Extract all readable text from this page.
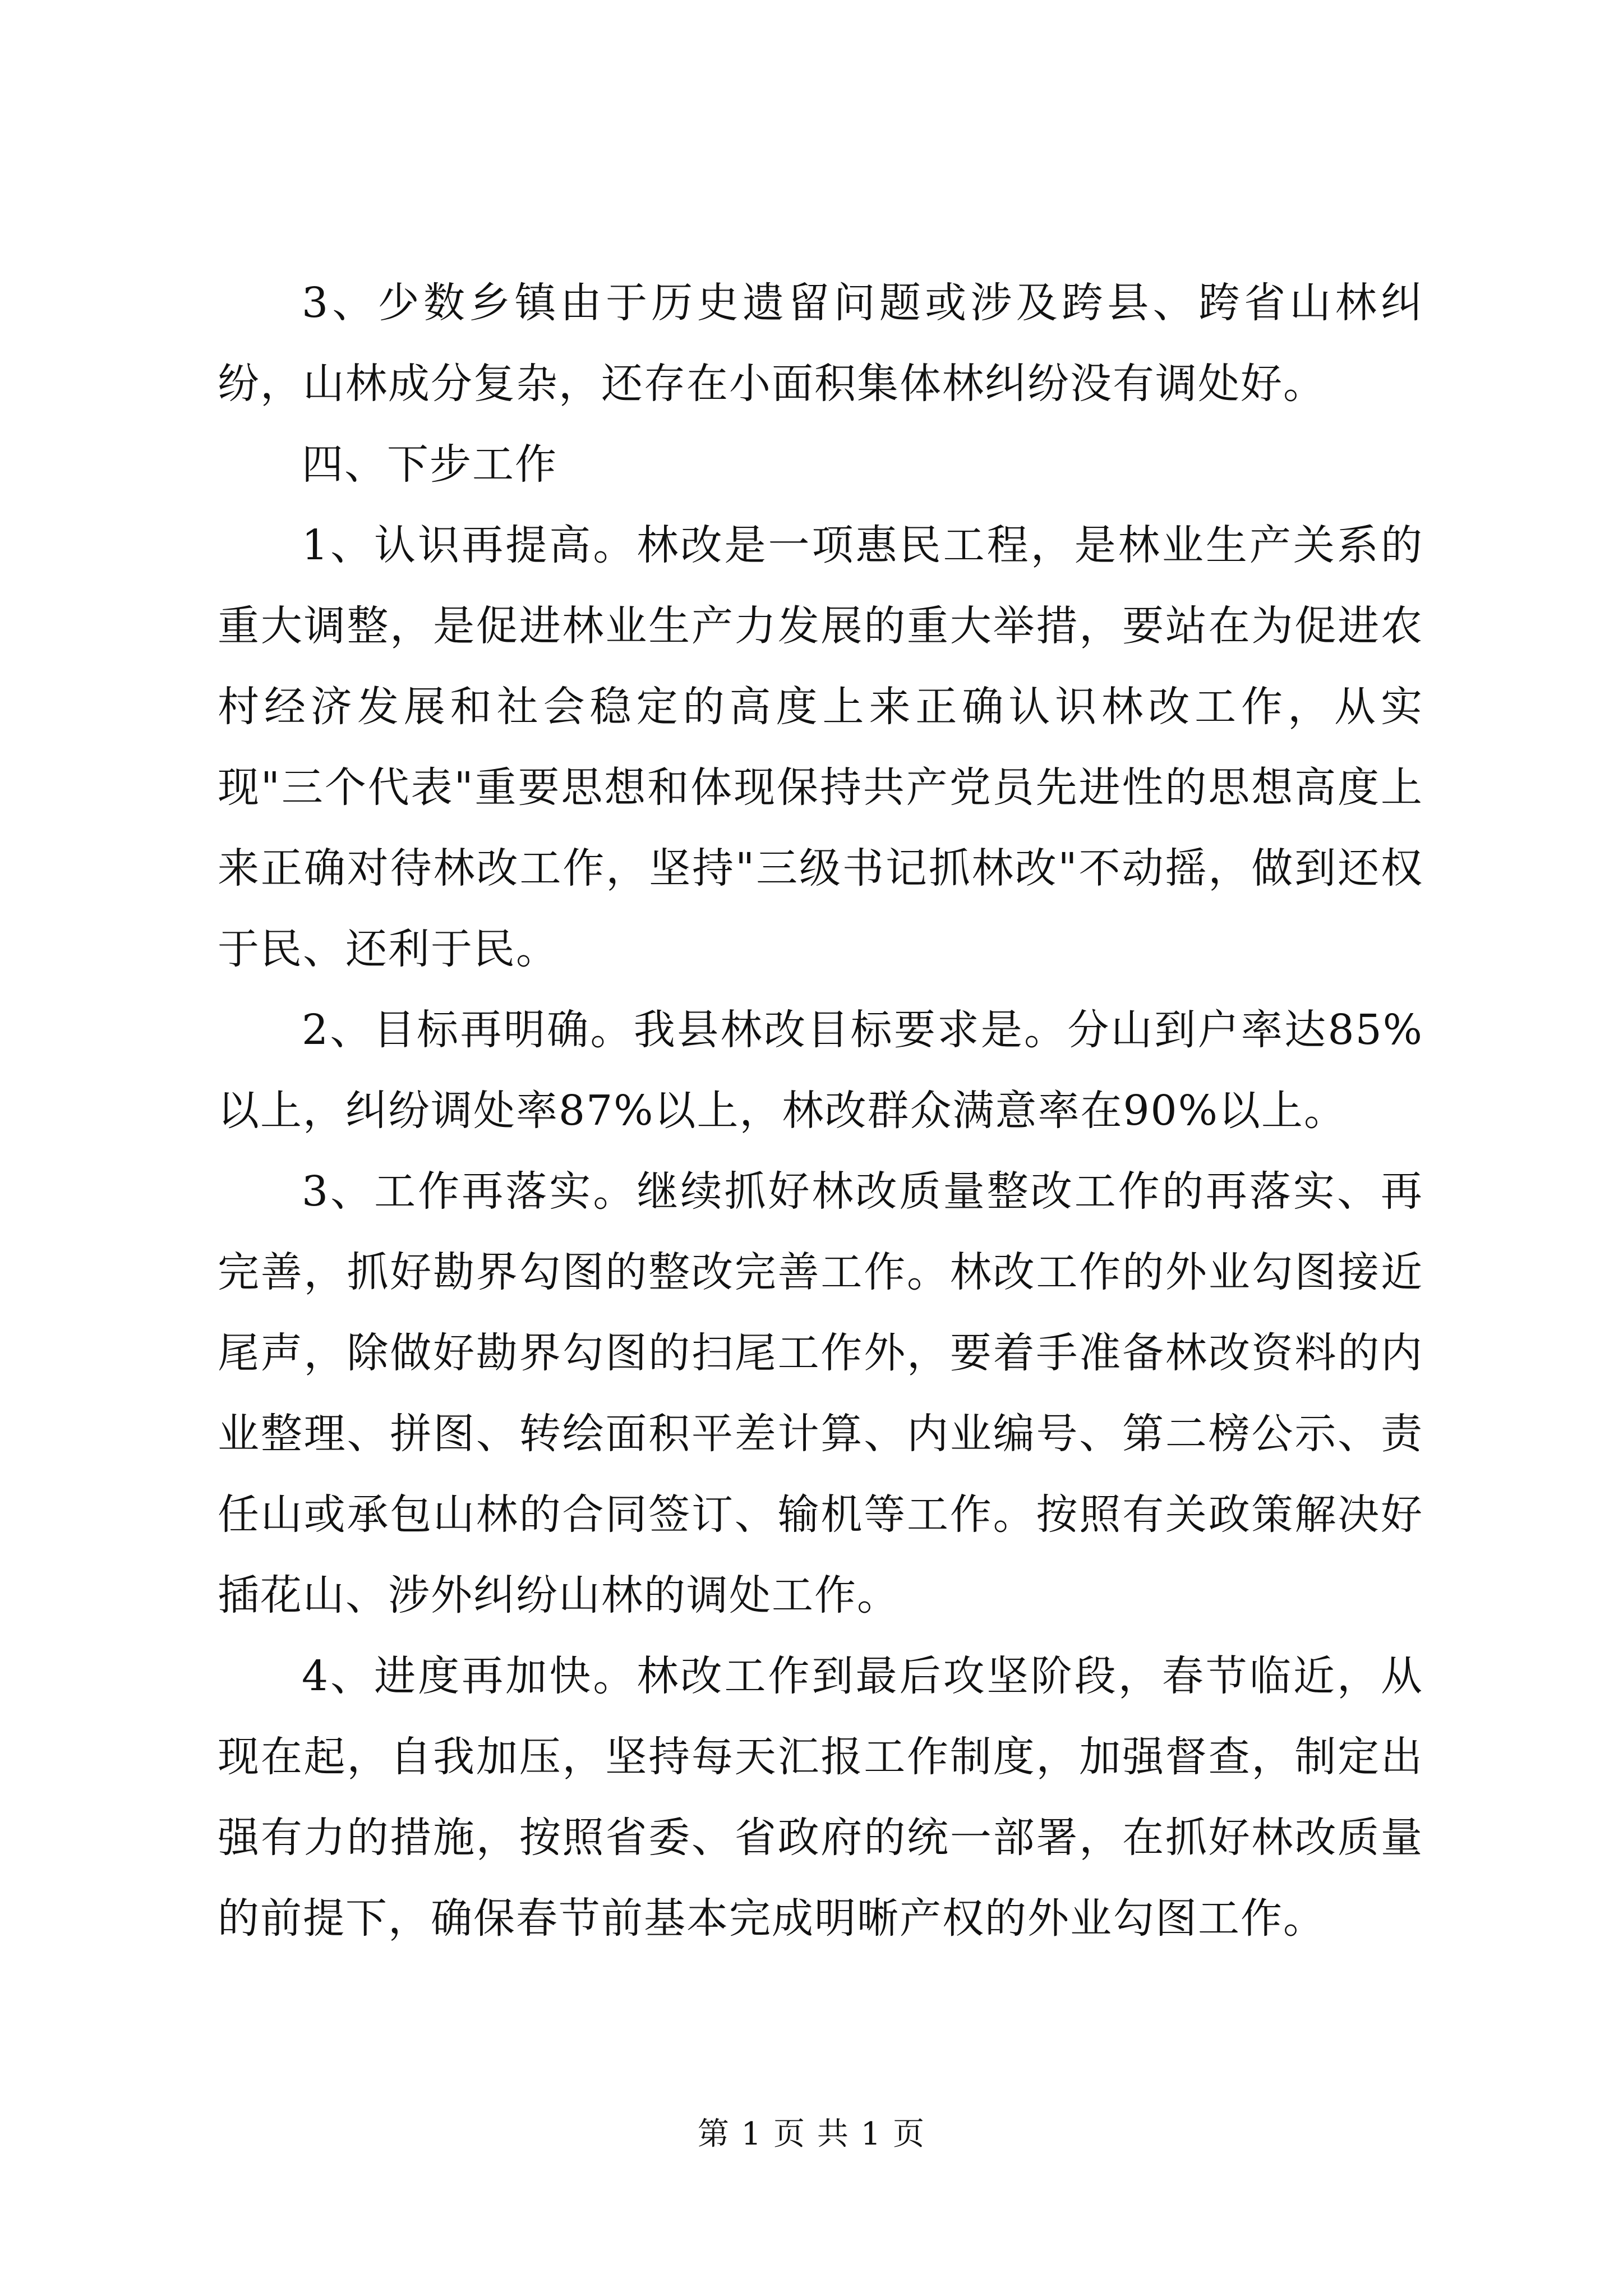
3、少数乡镇由于历史遗留问题或涉及跨县、跨省山林纠纷，山林成分复杂，还存在小面积集体林纠纷没有调处好。

四、下步工作

1、认识再提高。林改是一项惠民工程，是林业生产关系的重大调整，是促进林业生产力发展的重大举措，要站在为促进农村经济发展和社会稳定的高度上来正确认识林改工作，从实现"三个代表"重要思想和体现保持共产党员先进性的思想高度上来正确对待林改工作，坚持"三级书记抓林改"不动摇，做到还权于民、还利于民。

2、目标再明确。我县林改目标要求是。分山到户率达85%以上，纠纷调处率87%以上，林改群众满意率在90%以上。

3、工作再落实。继续抓好林改质量整改工作的再落实、再完善，抓好勘界勾图的整改完善工作。林改工作的外业勾图接近尾声，除做好勘界勾图的扫尾工作外，要着手准备林改资料的内业整理、拼图、转绘面积平差计算、内业编号、第二榜公示、责任山或承包山林的合同签订、输机等工作。按照有关政策解决好插花山、涉外纠纷山林的调处工作。

4、进度再加快。林改工作到最后攻坚阶段，春节临近，从现在起，自我加压，坚持每天汇报工作制度，加强督查，制定出强有力的措施，按照省委、省政府的统一部署，在抓好林改质量的前提下，确保春节前基本完成明晰产权的外业勾图工作。

第 1 页 共 1 页
